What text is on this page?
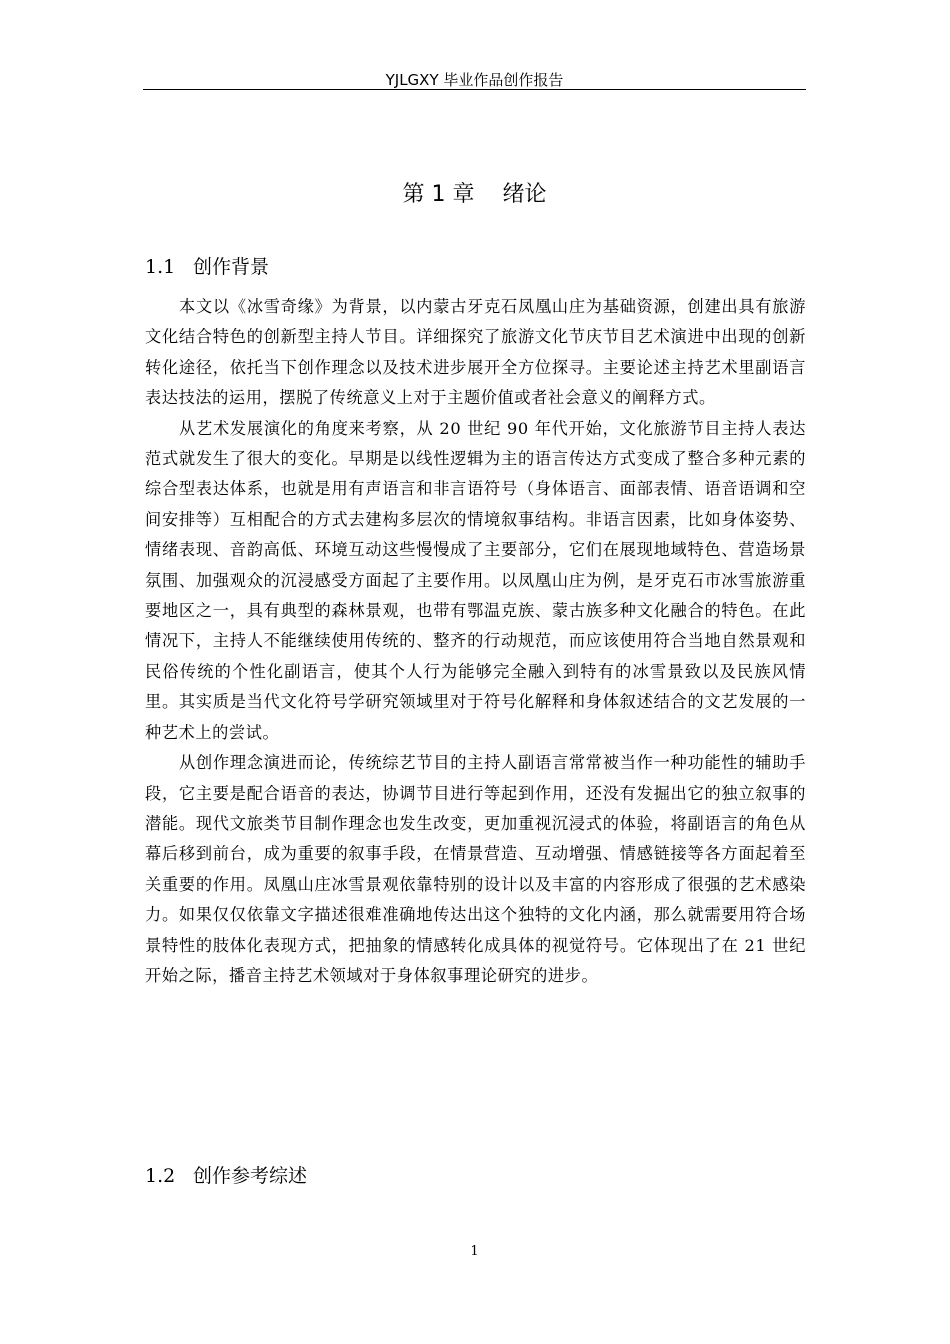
YJLGXY 毕业作品创作报告
第 1 章    绪论
1.1 创作背景

本文以《冰雪奇缘》为背景，以内蒙古牙克石凤凰山庄为基础资源，创建出具有旅游文化结合特色的创新型主持人节目。详细探究了旅游文化节庆节目艺术演进中出现的创新转化途径，依托当下创作理念以及技术进步展开全方位探寻。主要论述主持艺术里副语言表达技法的运用，摆脱了传统意义上对于主题价值或者社会意义的阐释方式。

从艺术发展演化的角度来考察，从 20 世纪 90 年代开始，文化旅游节目主持人表达范式就发生了很大的变化。早期是以线性逻辑为主的语言传达方式变成了整合多种元素的综合型表达体系，也就是用有声语言和非言语符号（身体语言、面部表情、语音语调和空间安排等）互相配合的方式去建构多层次的情境叙事结构。非语言因素，比如身体姿势、情绪表现、音韵高低、环境互动这些慢慢成了主要部分，它们在展现地域特色、营造场景氛围、加强观众的沉浸感受方面起了主要作用。以凤凰山庄为例，是牙克石市冰雪旅游重要地区之一，具有典型的森林景观，也带有鄂温克族、蒙古族多种文化融合的特色。在此情况下，主持人不能继续使用传统的、整齐的行动规范，而应该使用符合当地自然景观和民俗传统的个性化副语言，使其个人行为能够完全融入到特有的冰雪景致以及民族风情里。其实质是当代文化符号学研究领域里对于符号化解释和身体叙述结合的文艺发展的一种艺术上的尝试。

从创作理念演进而论，传统综艺节目的主持人副语言常常被当作一种功能性的辅助手段，它主要是配合语音的表达，协调节目进行等起到作用，还没有发掘出它的独立叙事的潜能。现代文旅类节目制作理念也发生改变，更加重视沉浸式的体验，将副语言的角色从幕后移到前台，成为重要的叙事手段，在情景营造、互动增强、情感链接等各方面起着至关重要的作用。凤凰山庄冰雪景观依靠特别的设计以及丰富的内容形成了很强的艺术感染力。如果仅仅依靠文字描述很难准确地传达出这个独特的文化内涵，那么就需要用符合场景特性的肢体化表现方式，把抽象的情感转化成具体的视觉符号。它体现出了在 21 世纪开始之际，播音主持艺术领域对于身体叙事理论研究的进步。

1.2 创作参考综述
1
